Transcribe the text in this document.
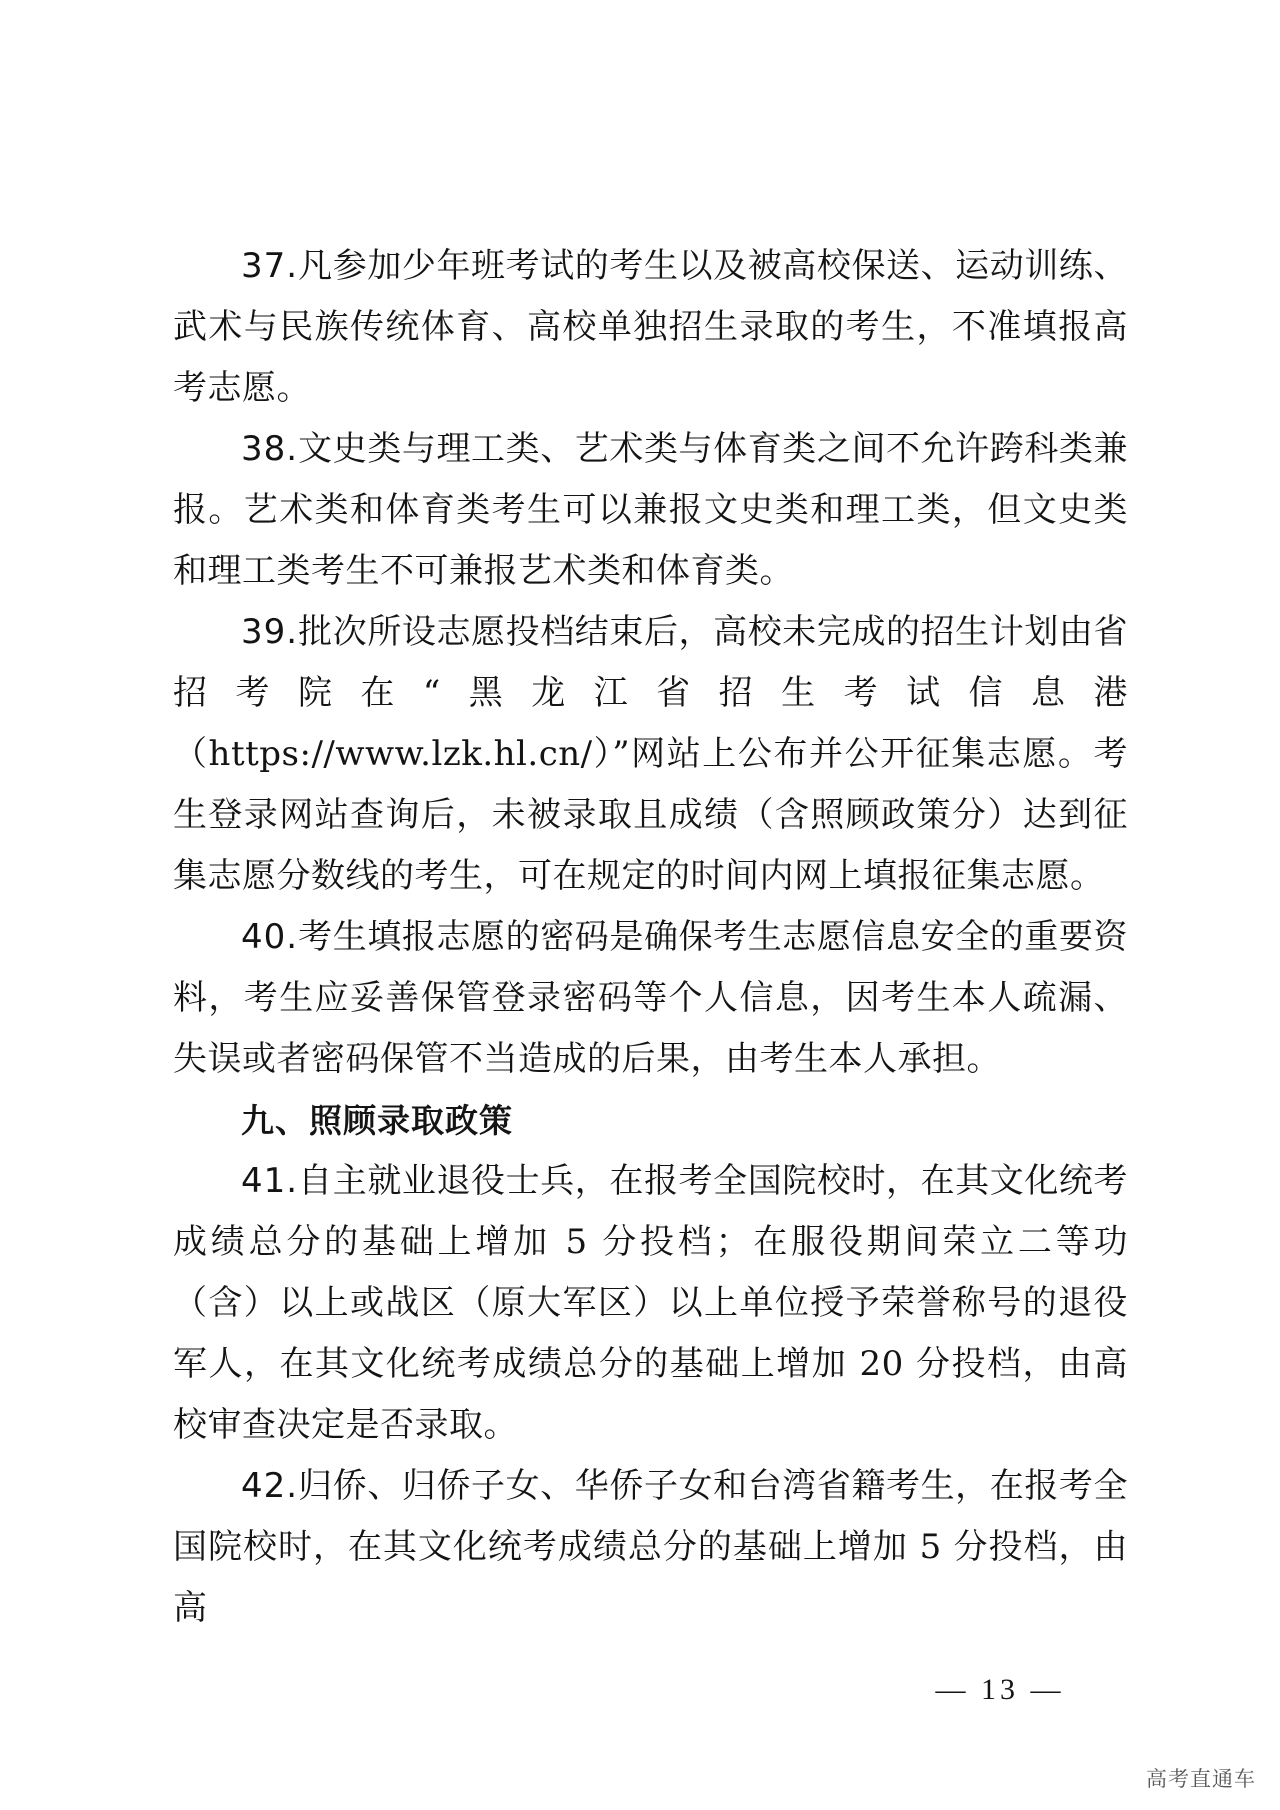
37.凡参加少年班考试的考生以及被高校保送、运动训练、武术与民族传统体育、高校单独招生录取的考生，不准填报高考志愿。

38.文史类与理工类、艺术类与体育类之间不允许跨科类兼报。艺术类和体育类考生可以兼报文史类和理工类，但文史类和理工类考生不可兼报艺术类和体育类。

39.批次所设志愿投档结束后，高校未完成的招生计划由省招考院在“黑龙江省招生考试信息港（https://www.lzk.hl.cn/）”网站上公布并公开征集志愿。考生登录网站查询后，未被录取且成绩（含照顾政策分）达到征集志愿分数线的考生，可在规定的时间内网上填报征集志愿。

40.考生填报志愿的密码是确保考生志愿信息安全的重要资料，考生应妥善保管登录密码等个人信息，因考生本人疏漏、失误或者密码保管不当造成的后果，由考生本人承担。

九、照顾录取政策

41.自主就业退役士兵，在报考全国院校时，在其文化统考成绩总分的基础上增加 5 分投档；在服役期间荣立二等功（含）以上或战区（原大军区）以上单位授予荣誉称号的退役军人，在其文化统考成绩总分的基础上增加 20 分投档，由高校审查决定是否录取。

42.归侨、归侨子女、华侨子女和台湾省籍考生，在报考全国院校时，在其文化统考成绩总分的基础上增加 5 分投档，由高

— 13 —
高考直通车
